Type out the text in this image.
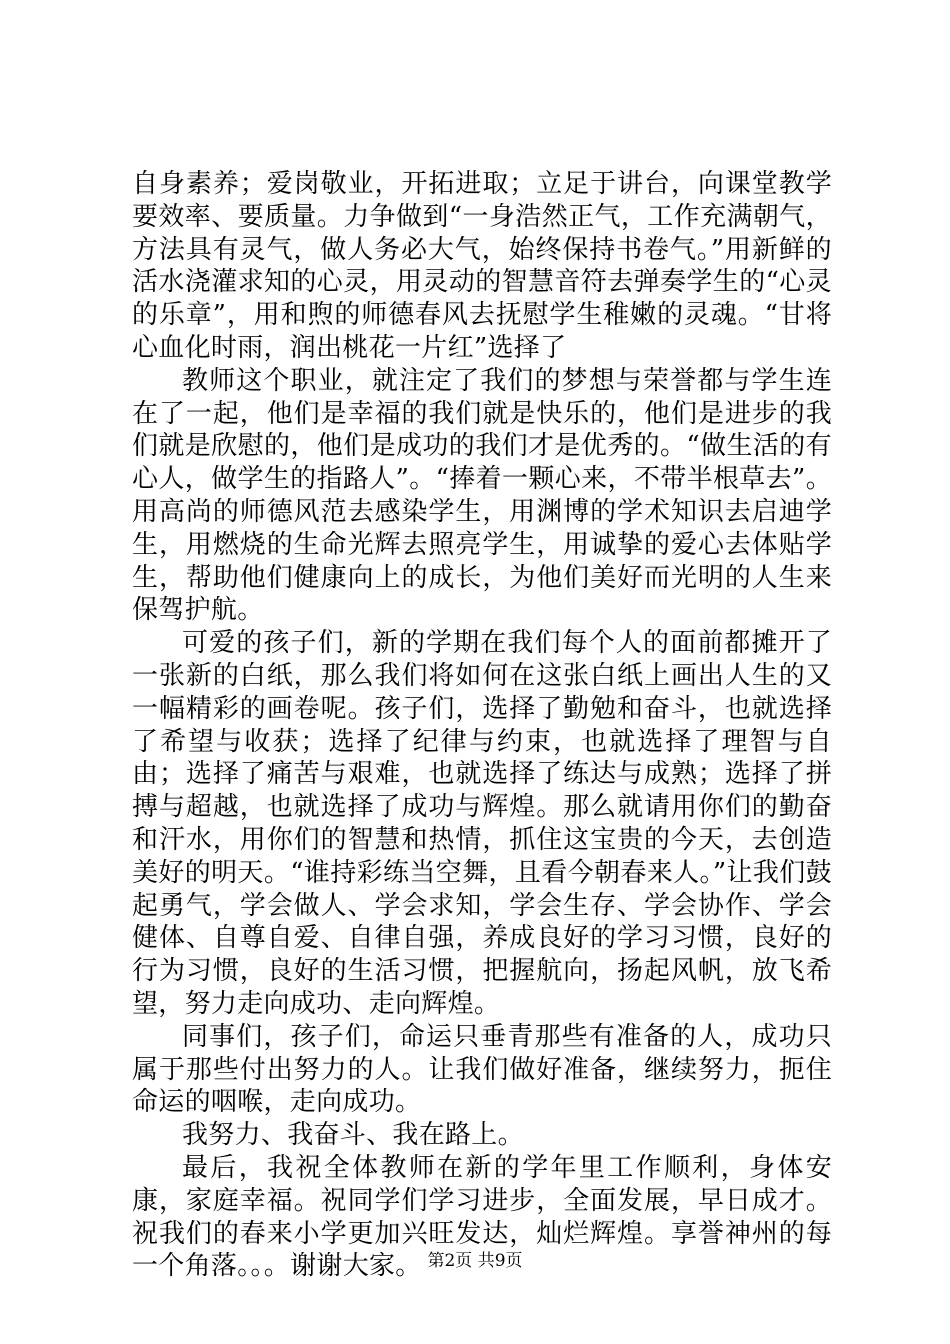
自身素养；爱岗敬业，开拓进取；立足于讲台，向课堂教学要效率、要质量。力争做到“一身浩然正气，工作充满朝气，方法具有灵气，做人务必大气，始终保持书卷气。”用新鲜的活水浇灌求知的心灵，用灵动的智慧音符去弹奏学生的“心灵的乐章”，用和煦的师德春风去抚慰学生稚嫩的灵魂。“甘将心血化时雨，润出桃花一片红”选择了

教师这个职业，就注定了我们的梦想与荣誉都与学生连在了一起，他们是幸福的我们就是快乐的，他们是进步的我们就是欣慰的，他们是成功的我们才是优秀的。“做生活的有心人，做学生的指路人”。“捧着一颗心来，不带半根草去”。用高尚的师德风范去感染学生，用渊博的学术知识去启迪学生，用燃烧的生命光辉去照亮学生，用诚挚的爱心去体贴学生，帮助他们健康向上的成长，为他们美好而光明的人生来保驾护航。

可爱的孩子们，新的学期在我们每个人的面前都摊开了一张新的白纸，那么我们将如何在这张白纸上画出人生的又一幅精彩的画卷呢。孩子们，选择了勤勉和奋斗，也就选择了希望与收获；选择了纪律与约束，也就选择了理智与自由；选择了痛苦与艰难，也就选择了练达与成熟；选择了拼搏与超越，也就选择了成功与辉煌。那么就请用你们的勤奋和汗水，用你们的智慧和热情，抓住这宝贵的今天，去创造美好的明天。“谁持彩练当空舞，且看今朝春来人。”让我们鼓起勇气，学会做人、学会求知，学会生存、学会协作、学会健体、自尊自爱、自律自强，养成良好的学习习惯，良好的行为习惯，良好的生活习惯，把握航向，扬起风帆，放飞希望，努力走向成功、走向辉煌。

同事们，孩子们，命运只垂青那些有准备的人，成功只属于那些付出努力的人。让我们做好准备，继续努力，扼住命运的咽喉，走向成功。

我努力、我奋斗、我在路上。

最后，我祝全体教师在新的学年里工作顺利，身体安康，家庭幸福。祝同学们学习进步，全面发展，早日成才。祝我们的春来小学更加兴旺发达，灿烂辉煌。享誉神州的每一个角落。。。谢谢大家。 第2页 共9页
